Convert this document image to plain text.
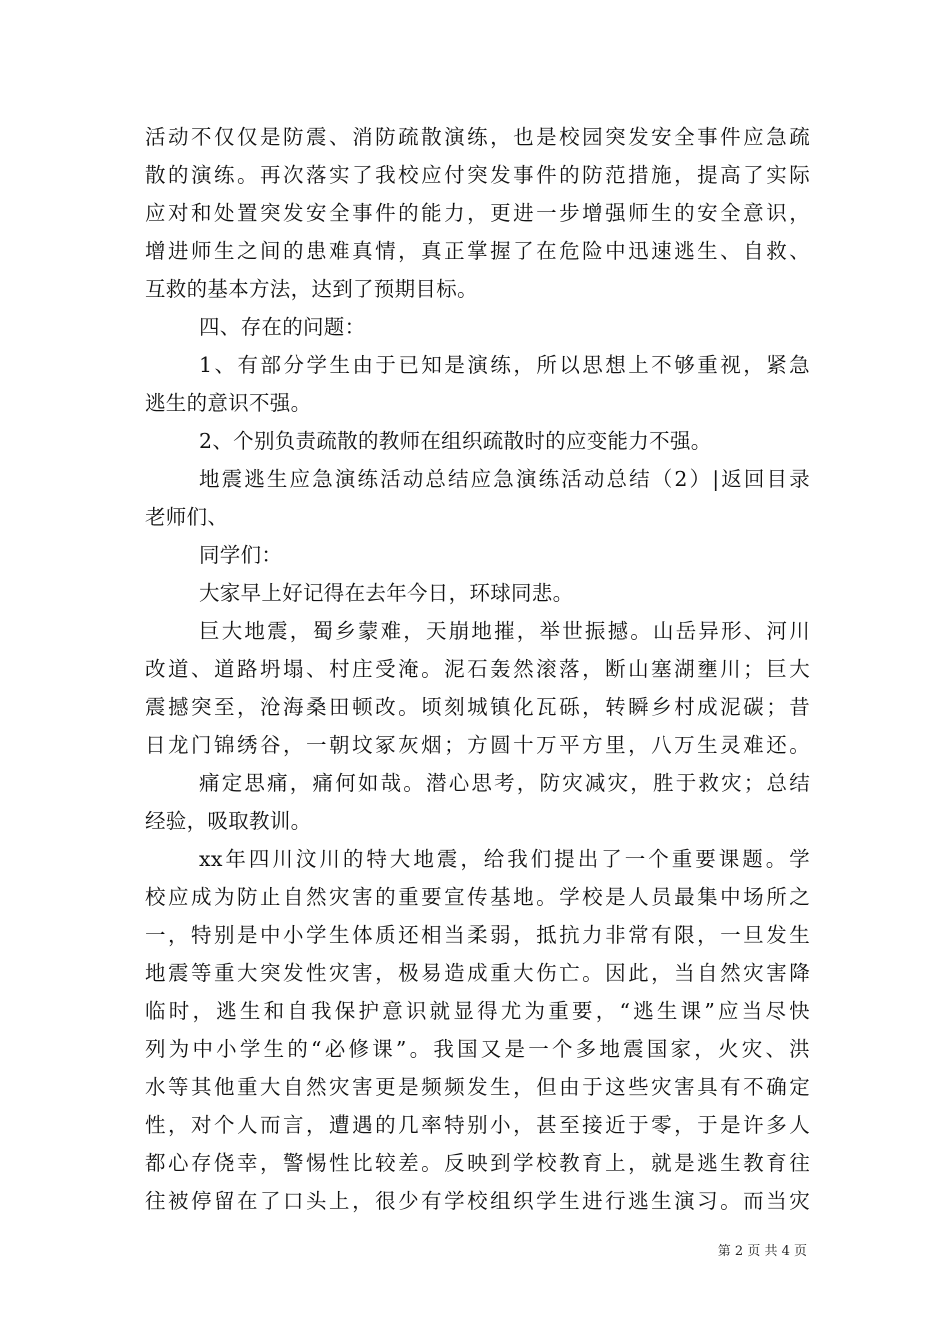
活动不仅仅是防震、消防疏散演练，也是校园突发安全事件应急疏
散的演练。再次落实了我校应付突发事件的防范措施，提高了实际
应对和处置突发安全事件的能力，更进一步增强师生的安全意识，
增进师生之间的患难真情，真正掌握了在危险中迅速逃生、自救、
互救的基本方法，达到了预期目标。
四、存在的问题：
1、有部分学生由于已知是演练，所以思想上不够重视，紧急
逃生的意识不强。
2、个别负责疏散的教师在组织疏散时的应变能力不强。
地震逃生应急演练活动总结应急演练活动总结（2）|返回目录
老师们、
同学们：
大家早上好记得在去年今日，环球同悲。
巨大地震，蜀乡蒙难，天崩地摧，举世振撼。山岳异形、河川
改道、道路坍塌、村庄受淹。泥石轰然滚落，断山塞湖壅川；巨大
震撼突至，沧海桑田顿改。顷刻城镇化瓦砾，转瞬乡村成泥碳；昔
日龙门锦绣谷，一朝坟冢灰烟；方圆十万平方里，八万生灵难还。
痛定思痛，痛何如哉。潜心思考，防灾减灾，胜于救灾；总结
经验，吸取教训。
xx年四川汶川的特大地震，给我们提出了一个重要课题。学
校应成为防止自然灾害的重要宣传基地。学校是人员最集中场所之
一，特别是中小学生体质还相当柔弱，抵抗力非常有限，一旦发生
地震等重大突发性灾害，极易造成重大伤亡。因此，当自然灾害降
临时，逃生和自我保护意识就显得尤为重要，“逃生课”应当尽快
列为中小学生的“必修课”。我国又是一个多地震国家，火灾、洪
水等其他重大自然灾害更是频频发生，但由于这些灾害具有不确定
性，对个人而言，遭遇的几率特别小，甚至接近于零，于是许多人
都心存侥幸，警惕性比较差。反映到学校教育上，就是逃生教育往
往被停留在了口头上，很少有学校组织学生进行逃生演习。而当灾
第 2 页 共 4 页
